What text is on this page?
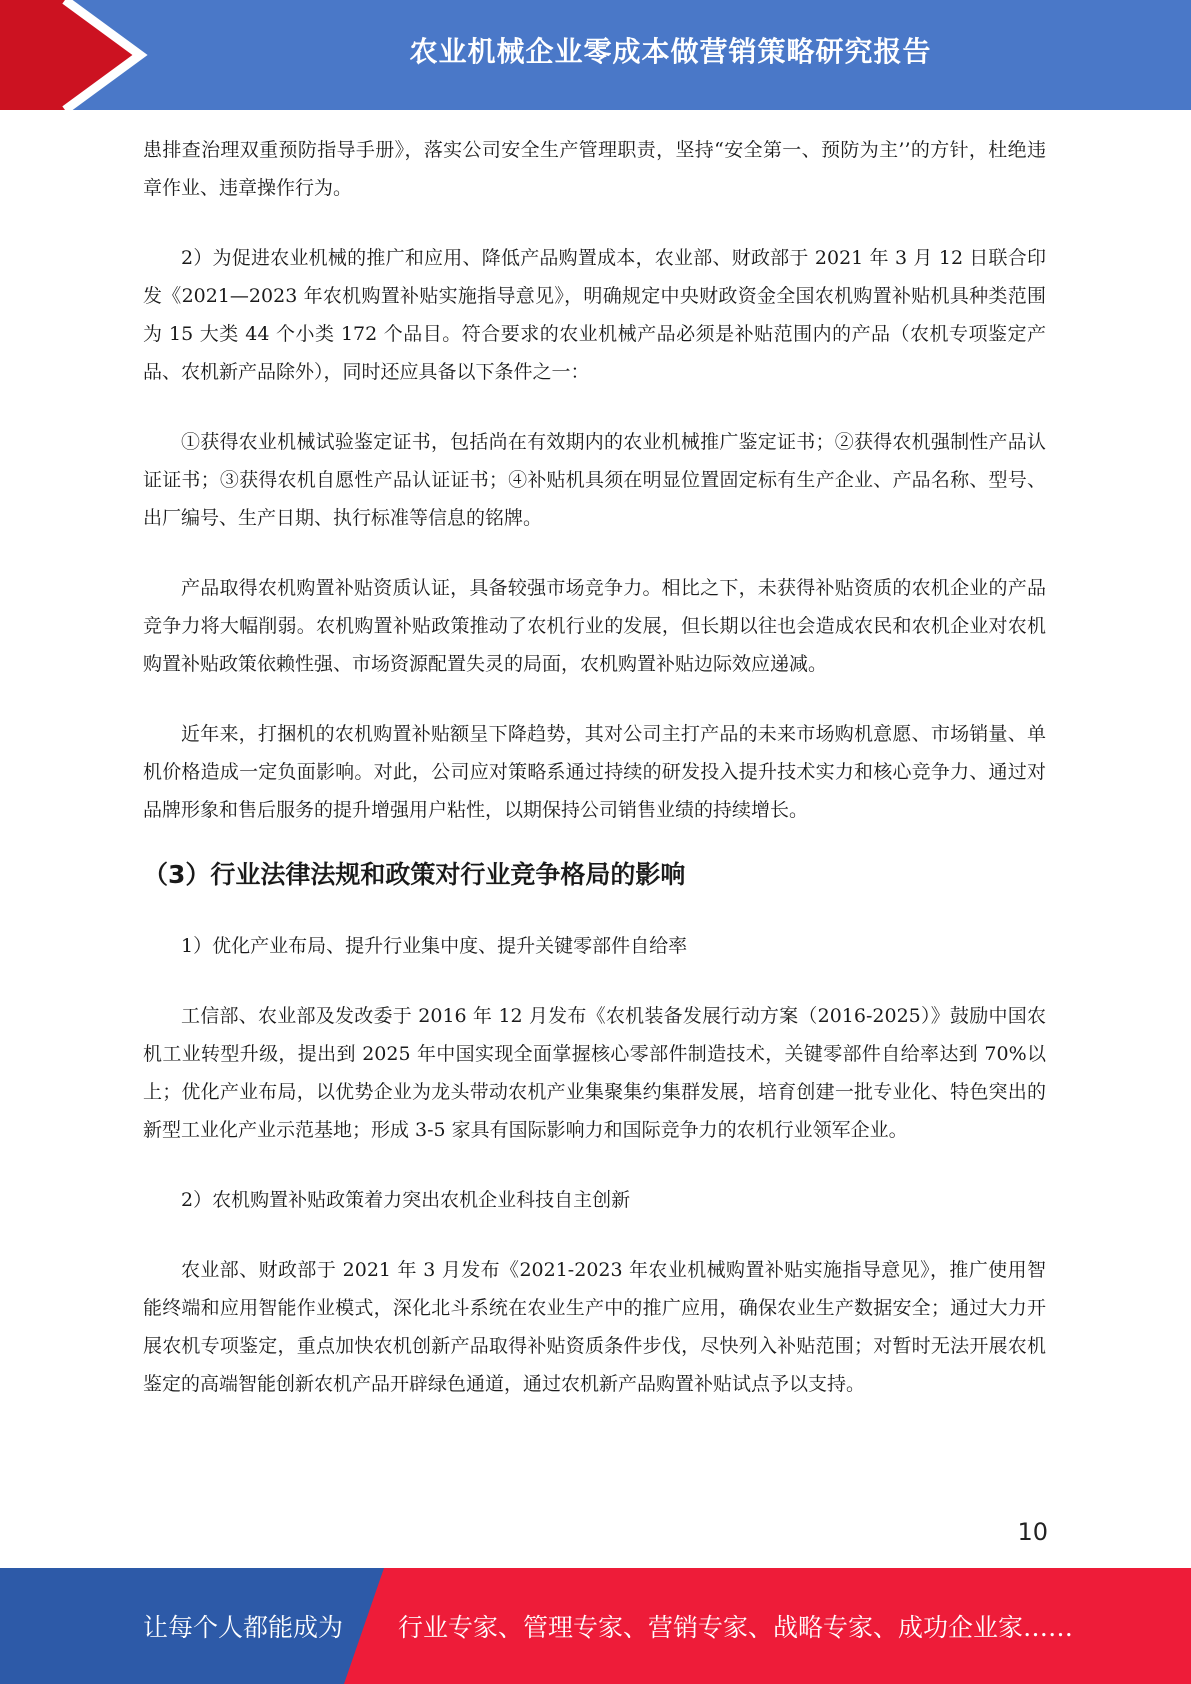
农业机械企业零成本做营销策略研究报告

患排查治理双重预防指导手册》，落实公司安全生产管理职责，坚持“安全第一、预防为主’’的方针，杜绝违章作业、违章操作行为。

2）为促进农业机械的推广和应用、降低产品购置成本，农业部、财政部于 2021 年 3 月 12 日联合印发《2021—2023 年农机购置补贴实施指导意见》，明确规定中央财政资金全国农机购置补贴机具种类范围为 15 大类 44 个小类 172 个品目。符合要求的农业机械产品必须是补贴范围内的产品（农机专项鉴定产品、农机新产品除外），同时还应具备以下条件之一：

①获得农业机械试验鉴定证书，包括尚在有效期内的农业机械推广鉴定证书；②获得农机强制性产品认证证书；③获得农机自愿性产品认证证书；④补贴机具须在明显位置固定标有生产企业、产品名称、型号、出厂编号、生产日期、执行标准等信息的铭牌。

产品取得农机购置补贴资质认证，具备较强市场竞争力。相比之下，未获得补贴资质的农机企业的产品竞争力将大幅削弱。农机购置补贴政策推动了农机行业的发展，但长期以往也会造成农民和农机企业对农机购置补贴政策依赖性强、市场资源配置失灵的局面，农机购置补贴边际效应递减。

近年来，打捆机的农机购置补贴额呈下降趋势，其对公司主打产品的未来市场购机意愿、市场销量、单机价格造成一定负面影响。对此，公司应对策略系通过持续的研发投入提升技术实力和核心竞争力、通过对品牌形象和售后服务的提升增强用户粘性，以期保持公司销售业绩的持续增长。

（3）行业法律法规和政策对行业竞争格局的影响

1）优化产业布局、提升行业集中度、提升关键零部件自给率

工信部、农业部及发改委于 2016 年 12 月发布《农机装备发展行动方案（2016-2025）》鼓励中国农机工业转型升级，提出到 2025 年中国实现全面掌握核心零部件制造技术，关键零部件自给率达到 70%以上；优化产业布局，以优势企业为龙头带动农机产业集聚集约集群发展，培育创建一批专业化、特色突出的新型工业化产业示范基地；形成 3-5 家具有国际影响力和国际竞争力的农机行业领军企业。

2）农机购置补贴政策着力突出农机企业科技自主创新

农业部、财政部于 2021 年 3 月发布《2021-2023 年农业机械购置补贴实施指导意见》，推广使用智能终端和应用智能作业模式，深化北斗系统在农业生产中的推广应用，确保农业生产数据安全；通过大力开展农机专项鉴定，重点加快农机创新产品取得补贴资质条件步伐，尽快列入补贴范围；对暂时无法开展农机鉴定的高端智能创新农机产品开辟绿色通道，通过农机新产品购置补贴试点予以支持。

10
让每个人都能成为 行业专家、管理专家、营销专家、战略专家、成功企业家……
